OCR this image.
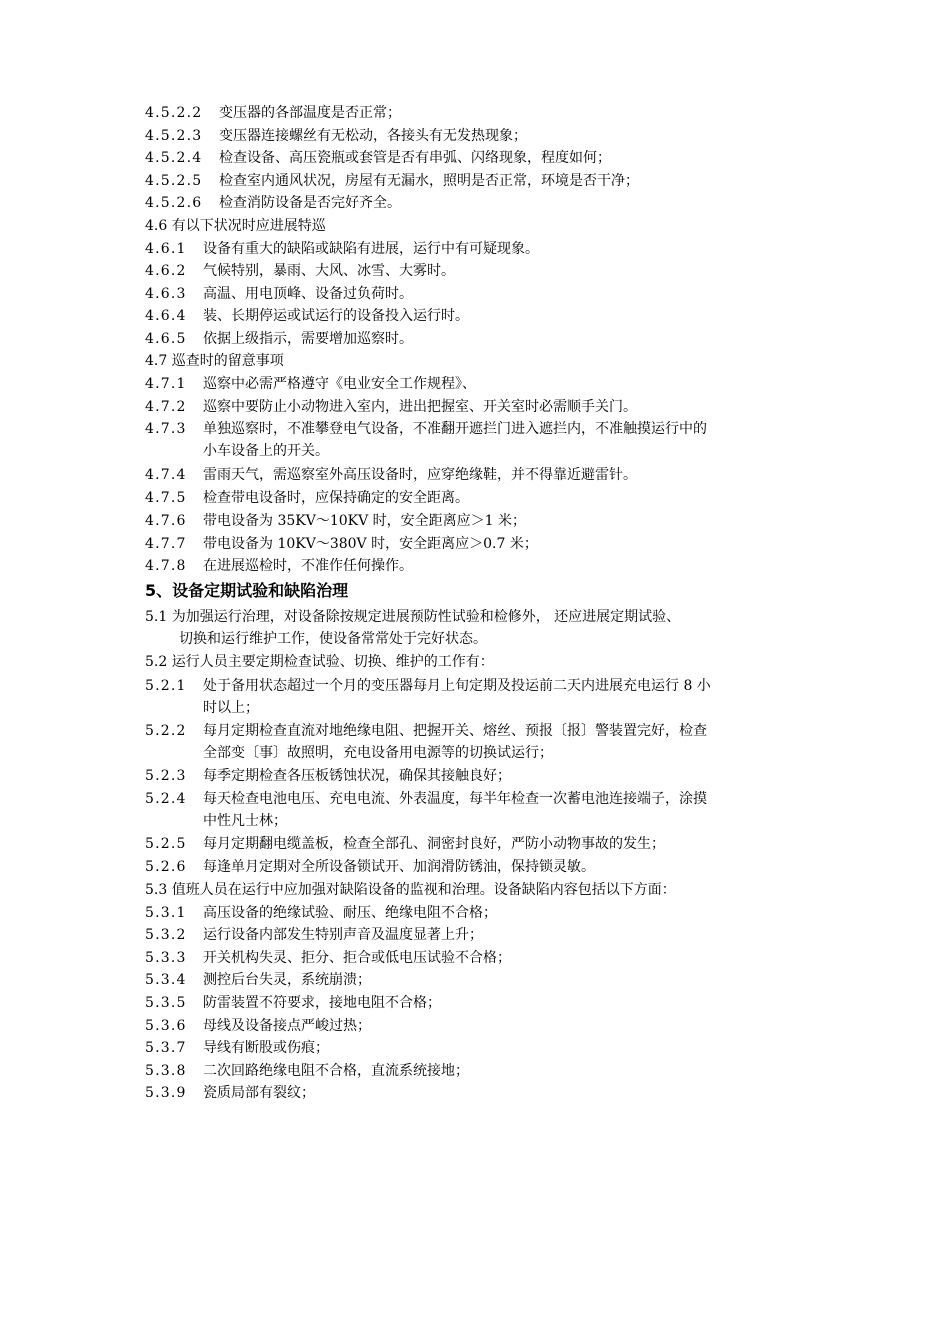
4.5.2.2 变压器的各部温度是否正常；
4.5.2.3 变压器连接螺丝有无松动，各接头有无发热现象；
4.5.2.4 检查设备、高压瓷瓶或套管是否有串弧、闪络现象，程度如何；
4.5.2.5 检查室内通风状况，房屋有无漏水，照明是否正常，环境是否干净；
4.5.2.6 检查消防设备是否完好齐全。
4.6 有以下状况时应进展特巡
4.6.1 设备有重大的缺陷或缺陷有进展，运行中有可疑现象。
4.6.2 气候特别，暴雨、大风、冰雪、大雾时。
4.6.3 高温、用电顶峰、设备过负荷时。
4.6.4 装、长期停运或试运行的设备投入运行时。
4.6.5 依据上级指示，需要增加巡察时。
4.7 巡查时的留意事项
4.7.1 巡察中必需严格遵守《电业安全工作规程》、
4.7.2 巡察中要防止小动物进入室内，进出把握室、开关室时必需顺手关门。
4.7.3 单独巡察时，不准攀登电气设备，不准翻开遮拦门进入遮拦内，不准触摸运行中的
小车设备上的开关。
4.7.4 雷雨天气，需巡察室外高压设备时，应穿绝缘鞋，并不得靠近避雷针。
4.7.5 检查带电设备时，应保持确定的安全距离。
4.7.6 带电设备为 35KV～10KV 时，安全距离应＞1 米；
4.7.7 带电设备为 10KV～380V 时，安全距离应＞0.7 米；
4.7.8 在进展巡检时，不准作任何操作。
5、设备定期试验和缺陷治理
5.1 为加强运行治理，对设备除按规定进展预防性试验和检修外， 还应进展定期试验、
切换和运行维护工作，使设备常常处于完好状态。
5.2 运行人员主要定期检查试验、切换、维护的工作有：
5.2.1 处于备用状态超过一个月的变压器每月上旬定期及投运前二天内进展充电运行 8 小
时以上；
5.2.2 每月定期检查直流对地绝缘电阻、把握开关、熔丝、预报〔报〕警装置完好，检查
全部变〔事〕故照明，充电设备用电源等的切换试运行；
5.2.3 每季定期检查各压板锈蚀状况，确保其接触良好；
5.2.4 每天检查电池电压、充电电流、外表温度，每半年检查一次蓄电池连接端子，涂摸
中性凡士林；
5.2.5 每月定期翻电缆盖板，检查全部孔、洞密封良好，严防小动物事故的发生；
5.2.6 每逢单月定期对全所设备锁试开、加润滑防锈油，保持锁灵敏。
5.3 值班人员在运行中应加强对缺陷设备的监视和治理。设备缺陷内容包括以下方面：
5.3.1 高压设备的绝缘试验、耐压、绝缘电阻不合格；
5.3.2 运行设备内部发生特别声音及温度显著上升；
5.3.3 开关机构失灵、拒分、拒合或低电压试验不合格；
5.3.4 测控后台失灵，系统崩溃；
5.3.5 防雷装置不符要求，接地电阻不合格；
5.3.6 母线及设备接点严峻过热；
5.3.7 导线有断股或伤痕；
5.3.8 二次回路绝缘电阻不合格，直流系统接地；
5.3.9 瓷质局部有裂纹；
